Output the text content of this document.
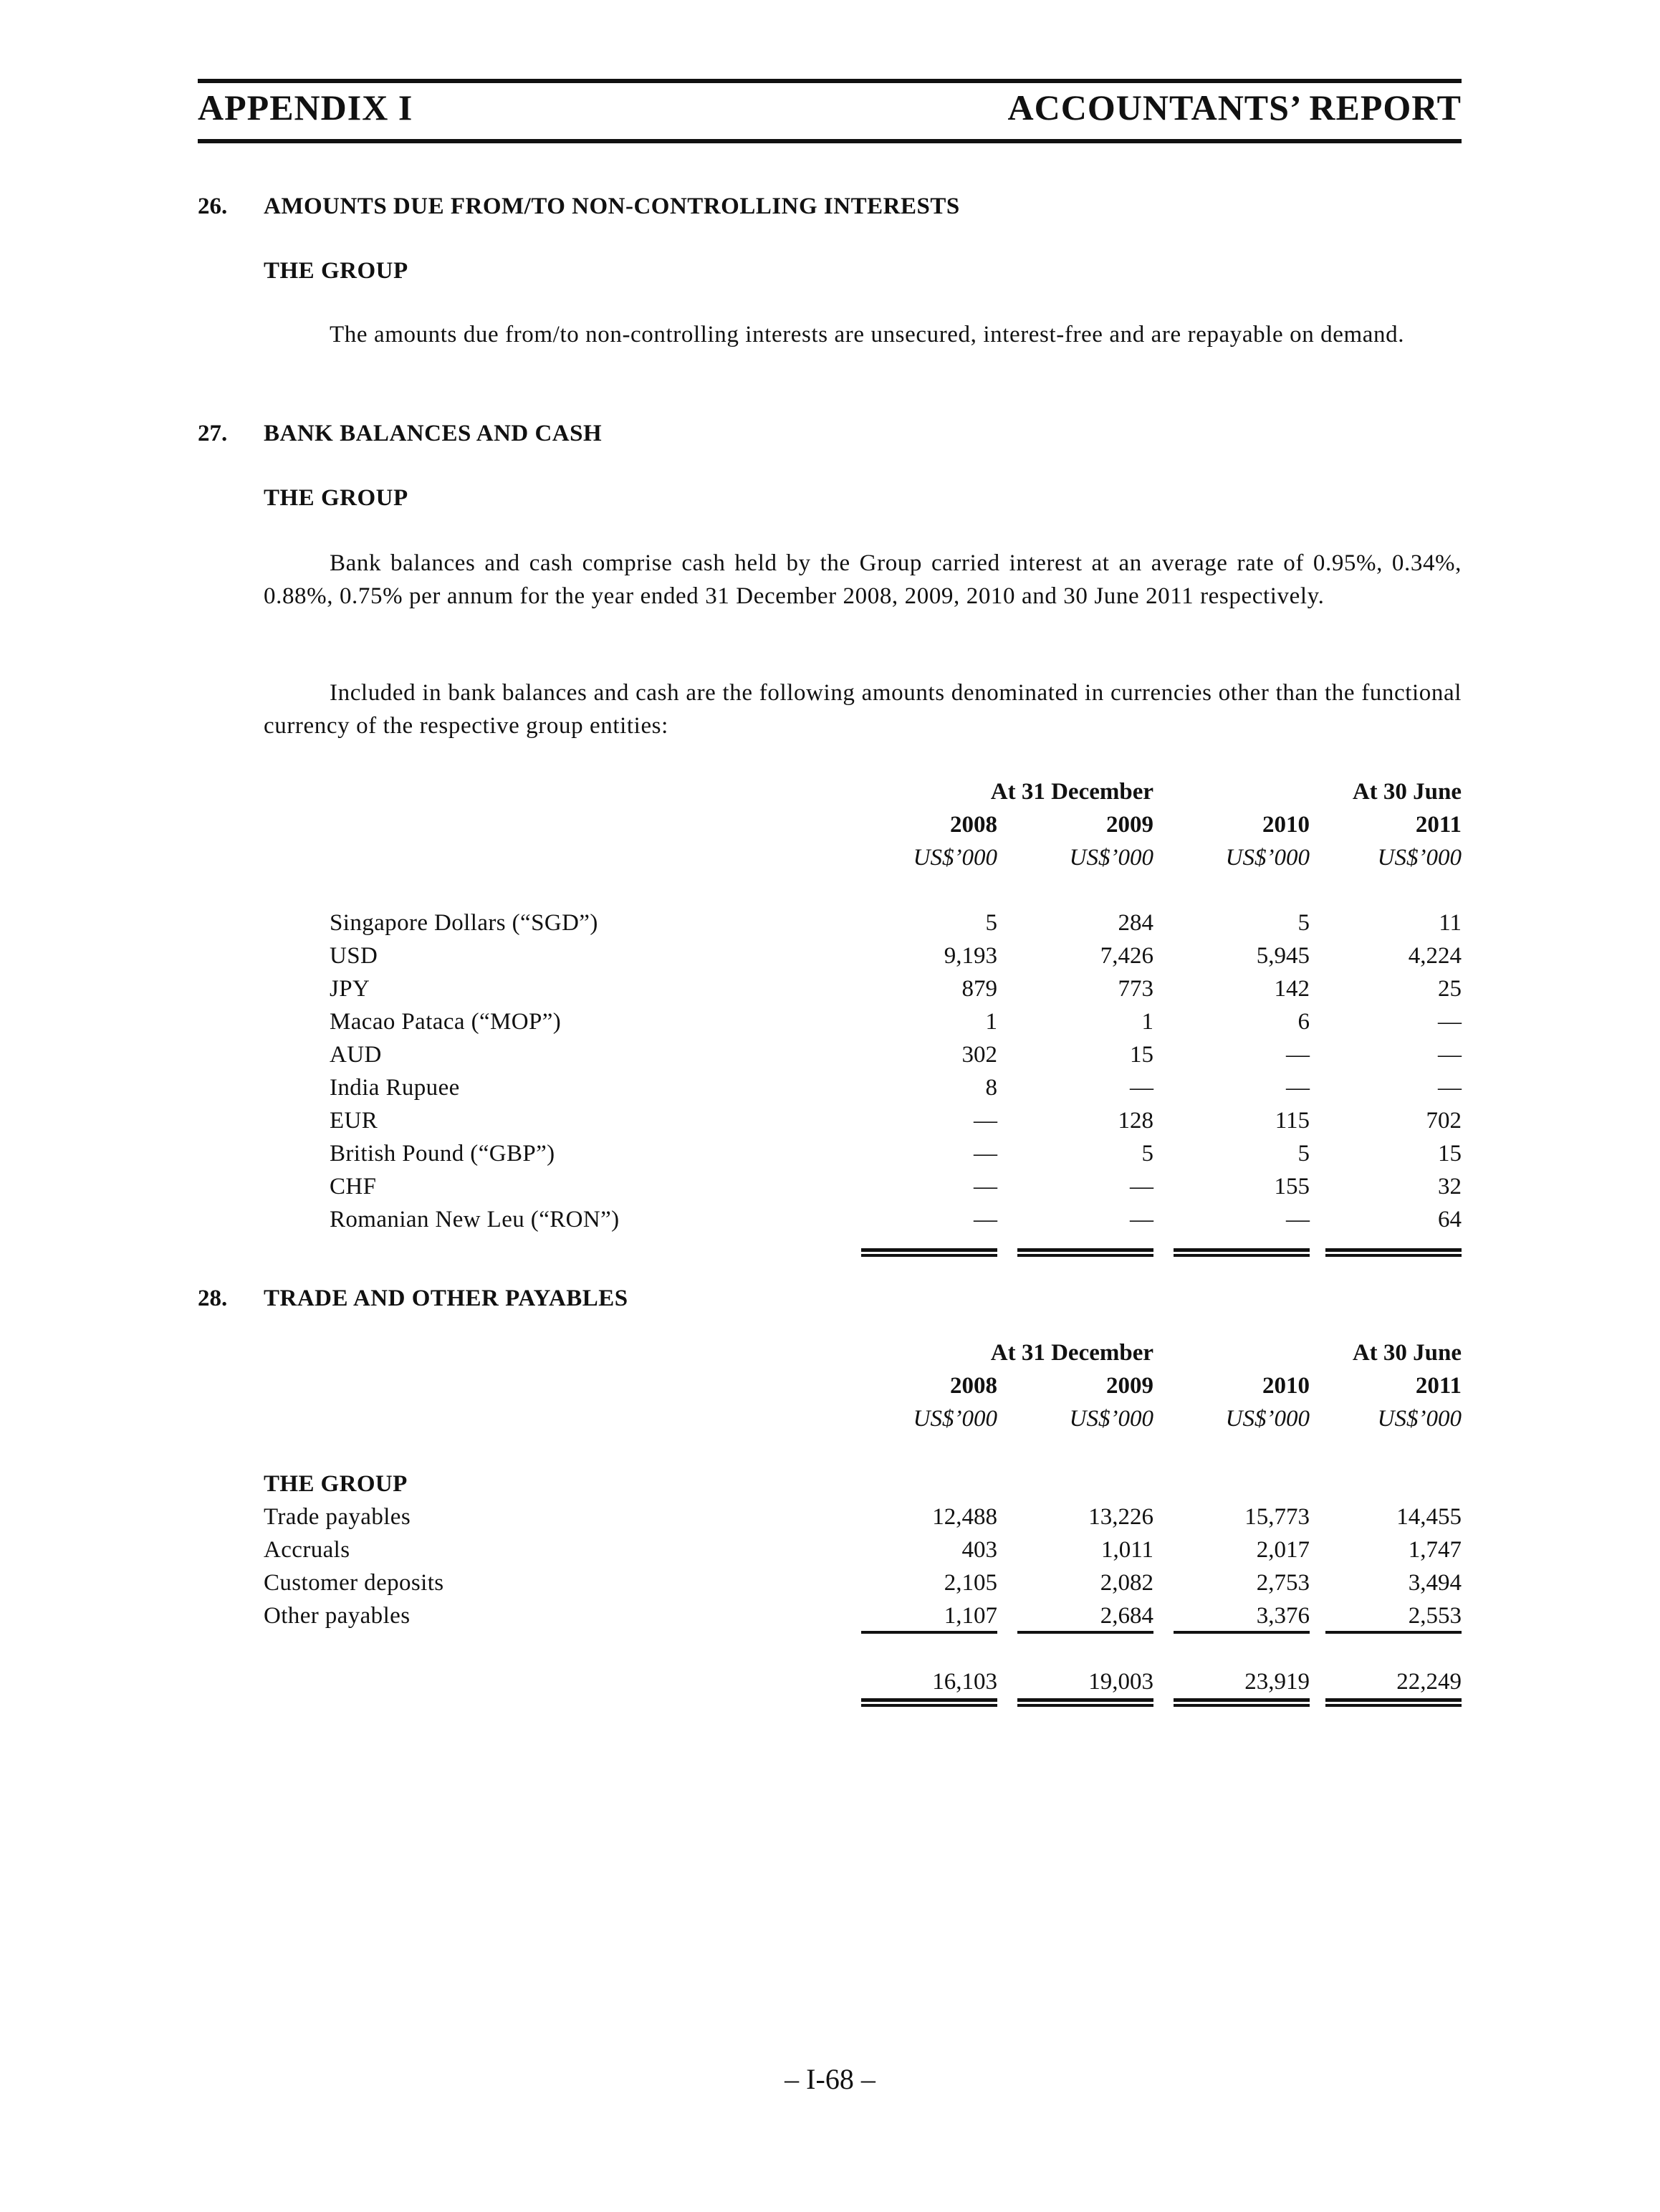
APPENDIX I	ACCOUNTANTS’ REPORT
26. AMOUNTS DUE FROM/TO NON-CONTROLLING INTERESTS
THE GROUP
The amounts due from/to non-controlling interests are unsecured, interest-free and are repayable on demand.
27. BANK BALANCES AND CASH
THE GROUP
Bank balances and cash comprise cash held by the Group carried interest at an average rate of 0.95%, 0.34%, 0.88%, 0.75% per annum for the year ended 31 December 2008, 2009, 2010 and 30 June 2011 respectively.
Included in bank balances and cash are the following amounts denominated in currencies other than the functional currency of the respective group entities:
At 31 December	At 30 June
2008	2009	2010	2011
US$’000	US$’000	US$’000	US$’000
Singapore Dollars (“SGD”)	5	284	5	11
USD	9,193	7,426	5,945	4,224
JPY	879	773	142	25
Macao Pataca (“MOP”)	1	1	6	—
AUD	302	15	—	—
India Rupuee	8	—	—	—
EUR	—	128	115	702
British Pound (“GBP”)	—	5	5	15
CHF	—	—	155	32
Romanian New Leu (“RON”)	—	—	—	64
28. TRADE AND OTHER PAYABLES
At 31 December	At 30 June
2008	2009	2010	2011
US$’000	US$’000	US$’000	US$’000
THE GROUP
Trade payables	12,488	13,226	15,773	14,455
Accruals	403	1,011	2,017	1,747
Customer deposits	2,105	2,082	2,753	3,494
Other payables	1,107	2,684	3,376	2,553
16,103	19,003	23,919	22,249
– I-68 –
